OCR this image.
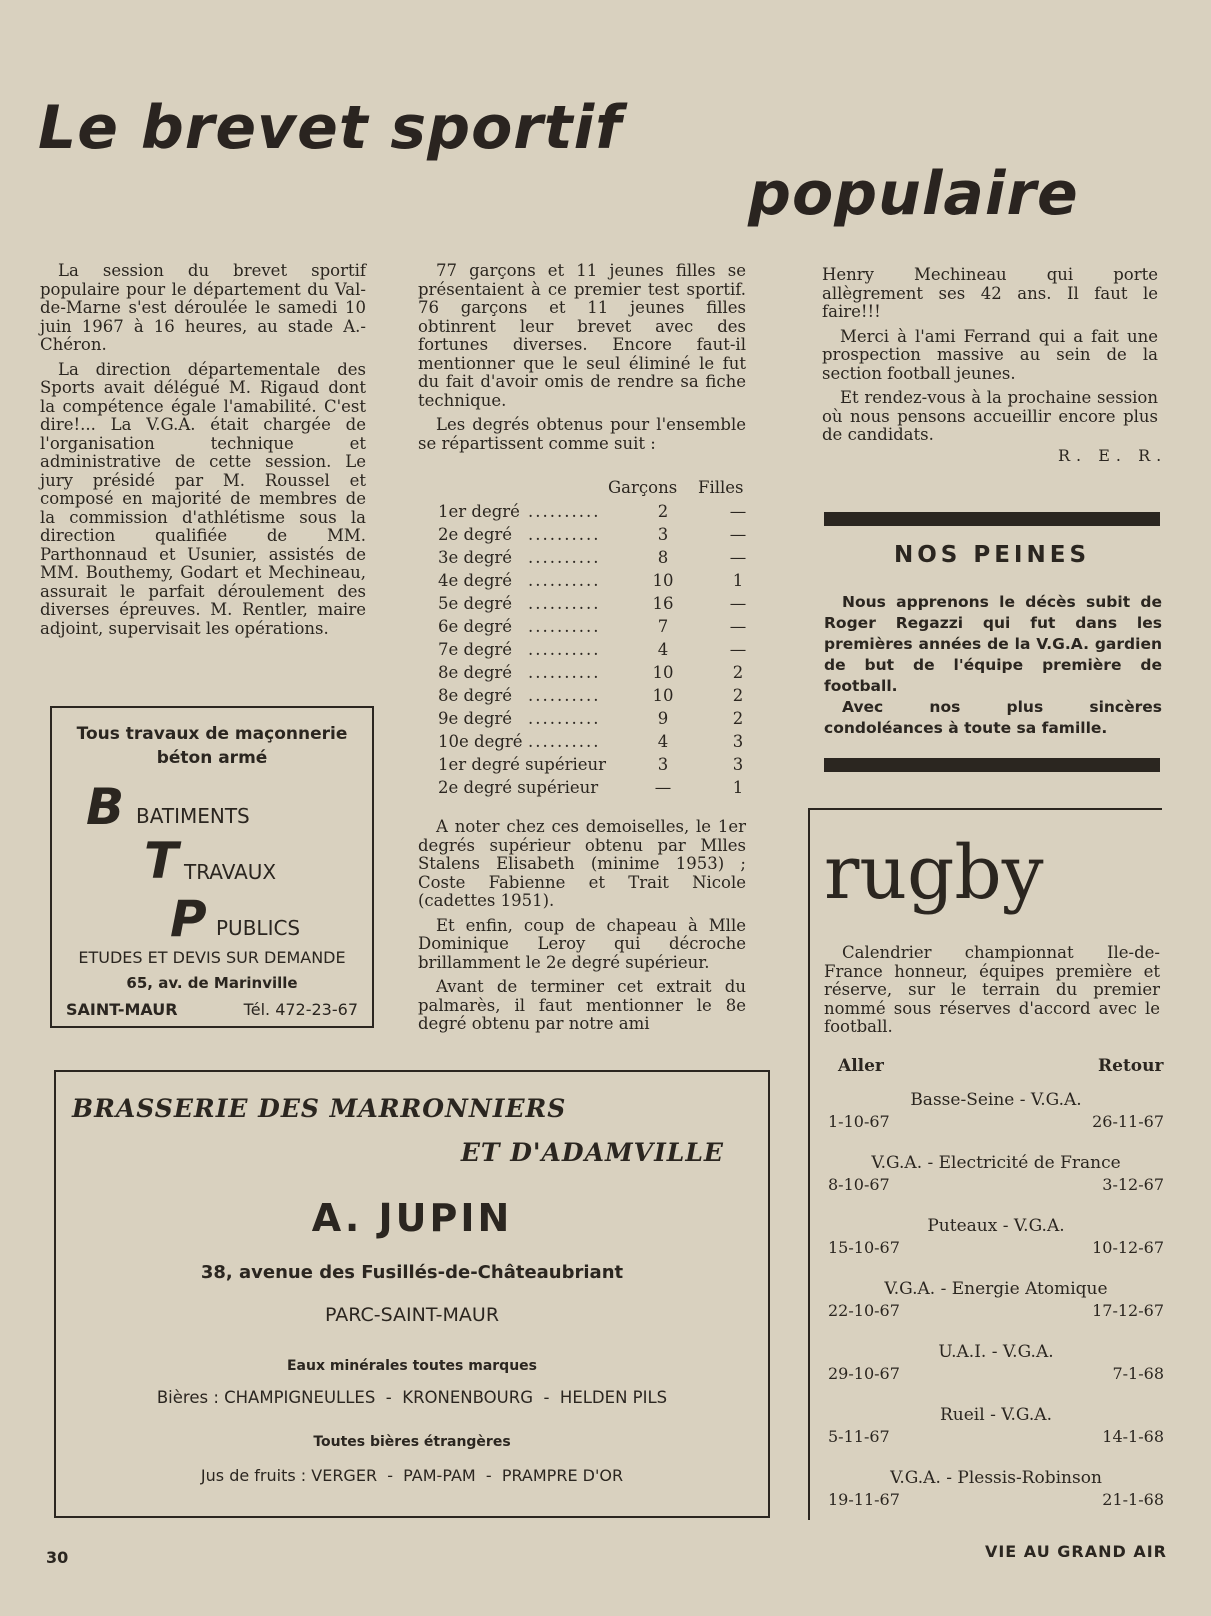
Le brevet sportif
populaire

La session du brevet sportif populaire pour le département du Val-de-Marne s'est déroulée le samedi 10 juin 1967 à 16 heures, au stade A.-Chéron.

La direction départementale des Sports avait délégué M. Rigaud dont la compétence égale l'amabilité. C'est dire!... La V.G.A. était chargée de l'organisation technique et administrative de cette session. Le jury présidé par M. Roussel et composé en majorité de membres de la commission d'athlétisme sous la direction qualifiée de MM. Parthonnaud et Usunier, assistés de MM. Bouthemy, Godart et Mechineau, assurait le parfait déroulement des diverses épreuves. M. Rentler, maire adjoint, supervisait les opérations.

77 garçons et 11 jeunes filles se présentaient à ce premier test sportif. 76 garçons et 11 jeunes filles obtinrent leur brevet avec des fortunes diverses. Encore faut-il mentionner que le seul éliminé le fut du fait d'avoir omis de rendre sa fiche technique.

Les degrés obtenus pour l'ensemble se répartissent comme suit :

Garçons Filles
1er degré ..........	2	—
2e degré ..........	3	—
3e degré ..........	8	—
4e degré ..........	10	1
5e degré ..........	16	—
6e degré ..........	7	—
7e degré ..........	4	—
8e degré ..........	10	2
8e degré ..........	10	2
9e degré ..........	9	2
10e degré ..........	4	3
1er degré supérieur	3	3
2e degré supérieur	—	1

A noter chez ces demoiselles, le 1er degrés supérieur obtenu par Mlles Stalens Elisabeth (minime 1953) ; Coste Fabienne et Trait Nicole (cadettes 1951).

Et enfin, coup de chapeau à Mlle Dominique Leroy qui décroche brillamment le 2e degré supérieur.

Avant de terminer cet extrait du palmarès, il faut mentionner le 8e degré obtenu par notre ami

Henry Mechineau qui porte allègrement ses 42 ans. Il faut le faire!!!

Merci à l'ami Ferrand qui a fait une prospection massive au sein de la section football jeunes.

Et rendez-vous à la prochaine session où nous pensons accueillir encore plus de candidats.

R. E. R.
NOS PEINES
Nous apprenons le décès subit de Roger Regazzi qui fut dans les premières années de la V.G.A. gardien de but de l'équipe première de football.
Avec nos plus sincères condoléances à toute sa famille.
Tous travaux de maçonnerie
béton armé
B BATIMENTS
T TRAVAUX
P PUBLICS
ETUDES ET DEVIS SUR DEMANDE
65, av. de Marinville
SAINT-MAUR	Tél. 472-23-67
BRASSERIE DES MARRONNIERS
ET D'ADAMVILLE
A. JUPIN
38, avenue des Fusillés-de-Châteaubriant
PARC-SAINT-MAUR
Eaux minérales toutes marques
Bières : CHAMPIGNEULLES  -  KRONENBOURG  -  HELDEN PILS
Toutes bières étrangères
Jus de fruits : VERGER  -  PAM-PAM  -  PRAMPRE D'OR
rugby

Calendrier championnat Ile-de-France honneur, équipes première et réserve, sur le terrain du premier nommé sous réserves d'accord avec le football.

Aller	Retour
Basse-Seine - V.G.A.
1-10-67	26-11-67
V.G.A. - Electricité de France
8-10-67	3-12-67
Puteaux - V.G.A.
15-10-67	10-12-67
V.G.A. - Energie Atomique
22-10-67	17-12-67
U.A.I. - V.G.A.
29-10-67	7-1-68
Rueil - V.G.A.
5-11-67	14-1-68
V.G.A. - Plessis-Robinson
19-11-67	21-1-68
30	VIE AU GRAND AIR
